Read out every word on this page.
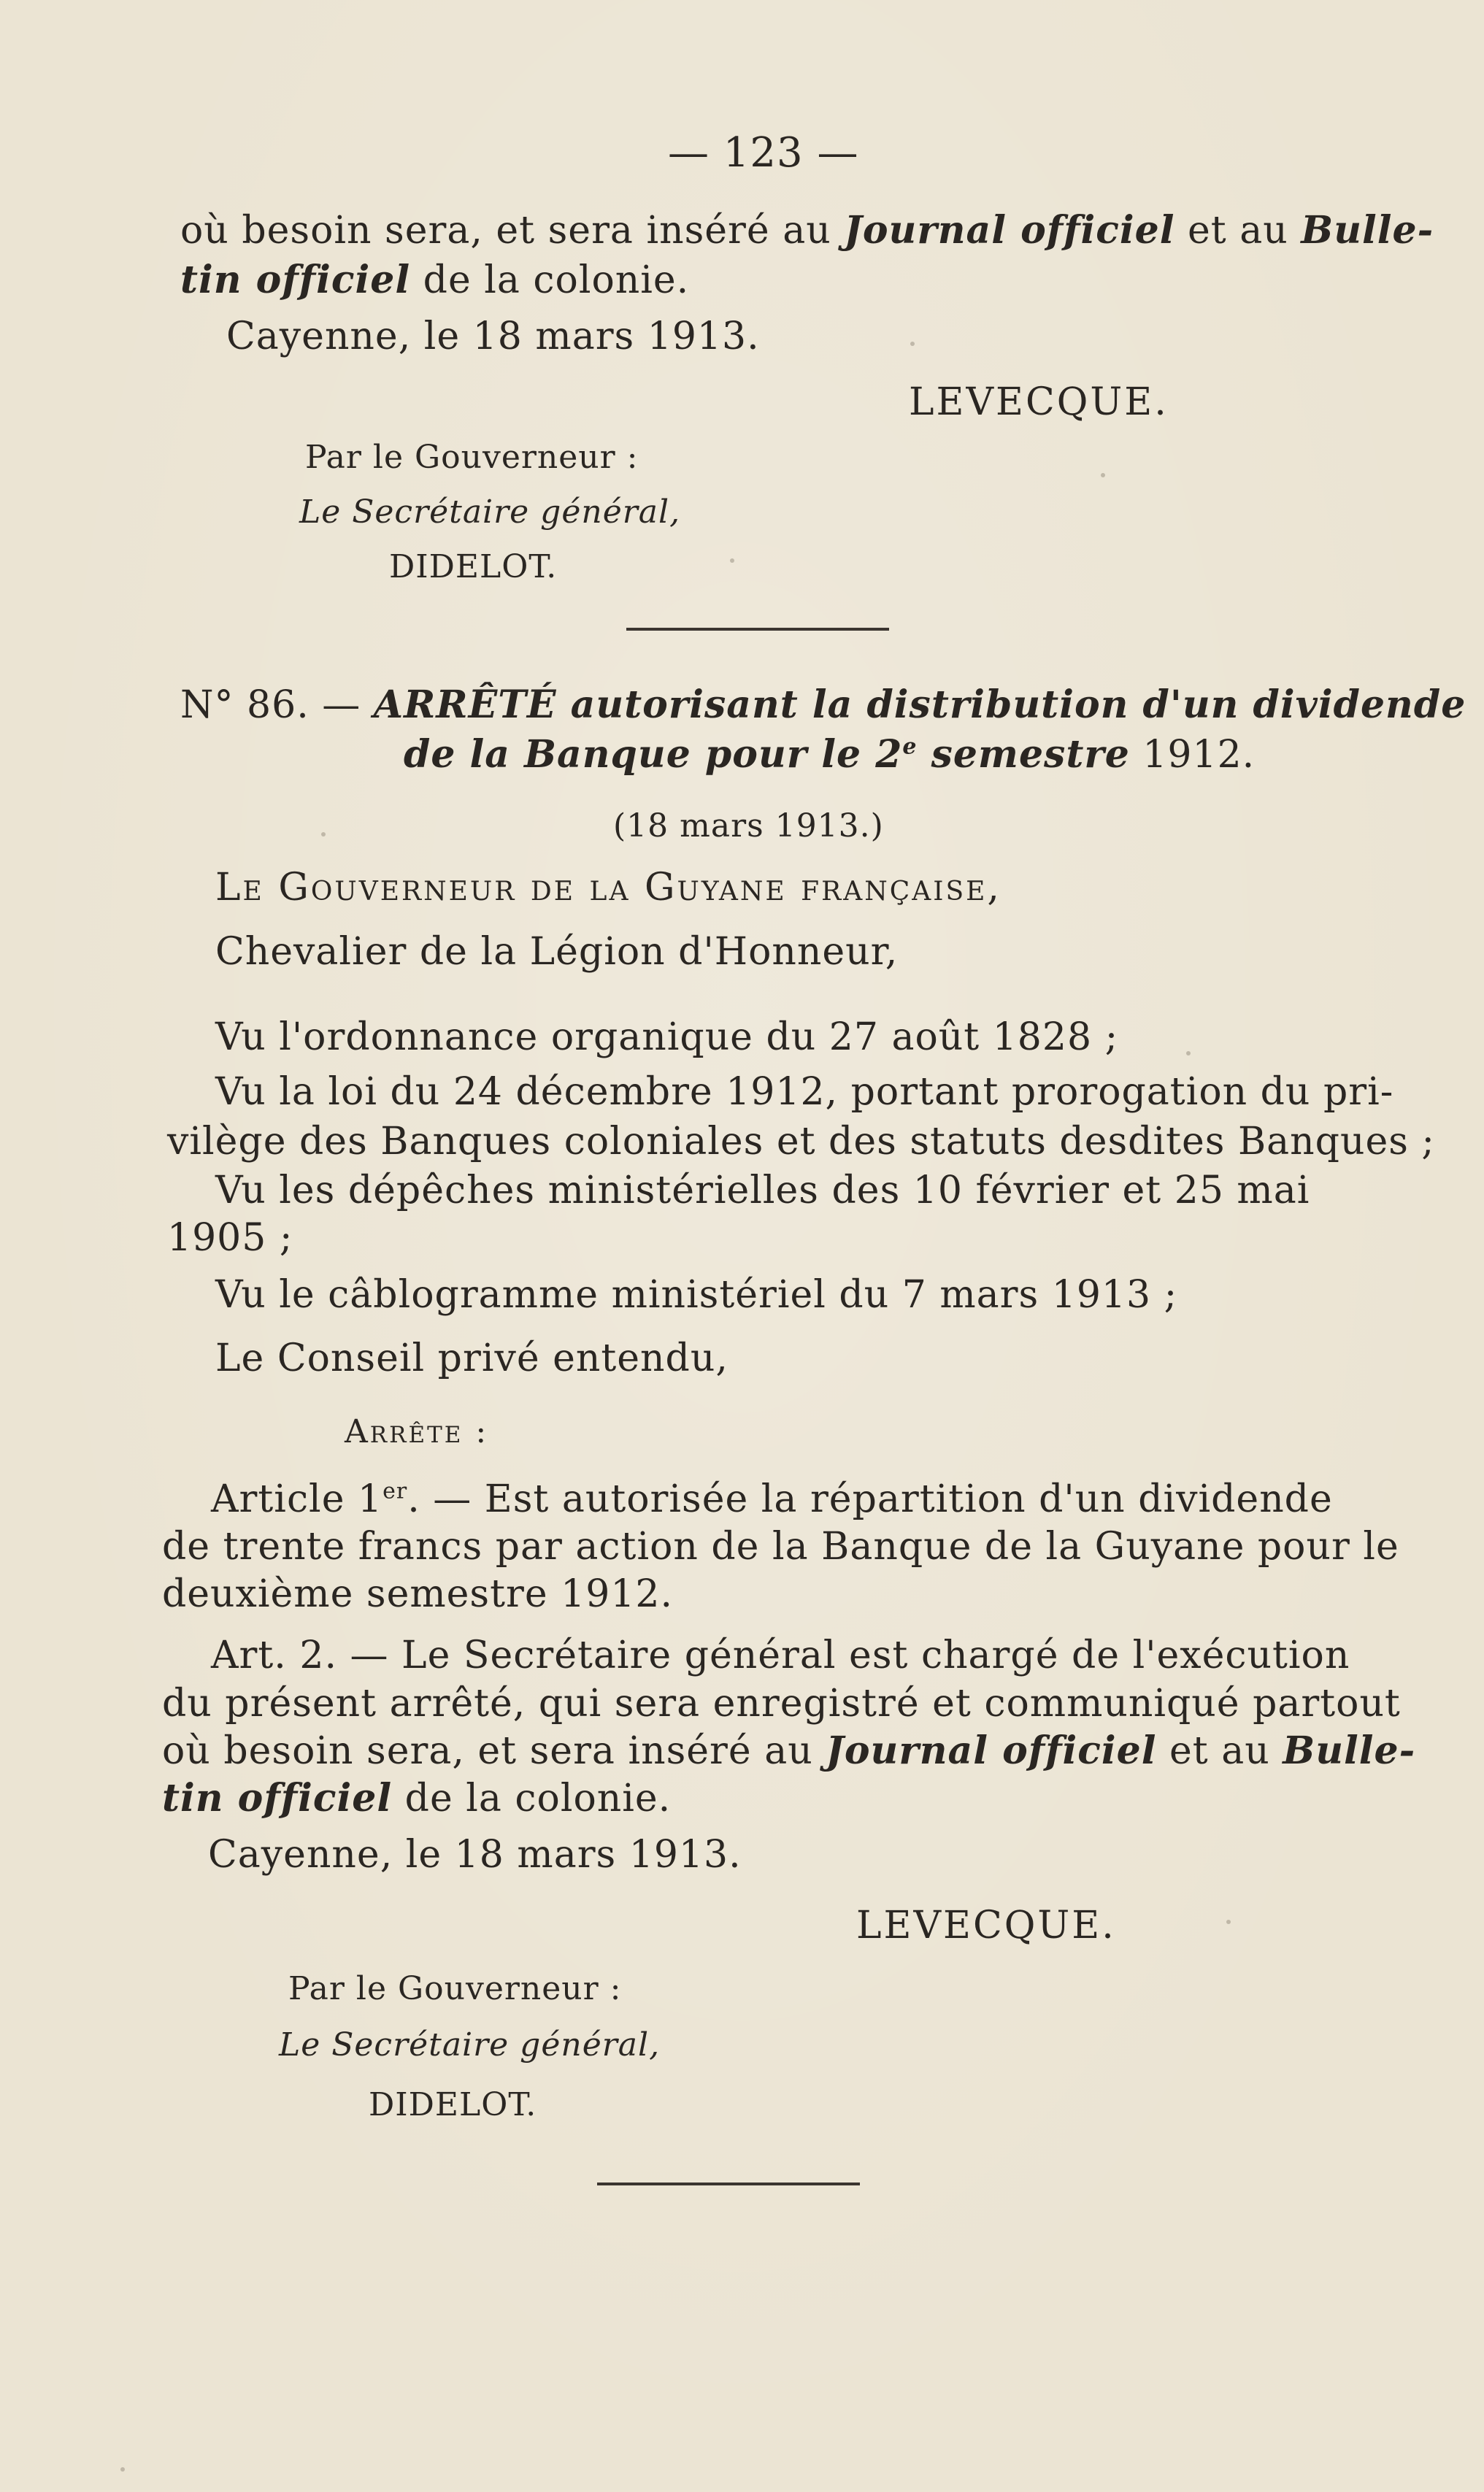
— 123 —
où besoin sera, et sera inséré au Journal officiel et au Bulle-
tin officiel de la colonie.
Cayenne, le 18 mars 1913.
LEVECQUE.
Par le Gouverneur :
Le Secrétaire général,
DIDELOT.
N° 86. — ARRÊTÉ autorisant la distribution d'un dividende
de la Banque pour le 2e semestre 1912.
(18 mars 1913.)
Le Gouverneur de la Guyane française,
Chevalier de la Légion d'Honneur,
Vu l'ordonnance organique du 27 août 1828 ;
Vu la loi du 24 décembre 1912, portant prorogation du pri-
vilège des Banques coloniales et des statuts desdites Banques ;
Vu les dépêches ministérielles des 10 février et 25 mai
1905 ;
Vu le câblogramme ministériel du 7 mars 1913 ;
Le Conseil privé entendu,
Arrête :
Article 1er. — Est autorisée la répartition d'un dividende
de trente francs par action de la Banque de la Guyane pour le
deuxième semestre 1912.
Art. 2. — Le Secrétaire général est chargé de l'exécution
du présent arrêté, qui sera enregistré et communiqué partout
où besoin sera, et sera inséré au Journal officiel et au Bulle-
tin officiel de la colonie.
Cayenne, le 18 mars 1913.
LEVECQUE.
Par le Gouverneur :
Le Secrétaire général,
DIDELOT.
